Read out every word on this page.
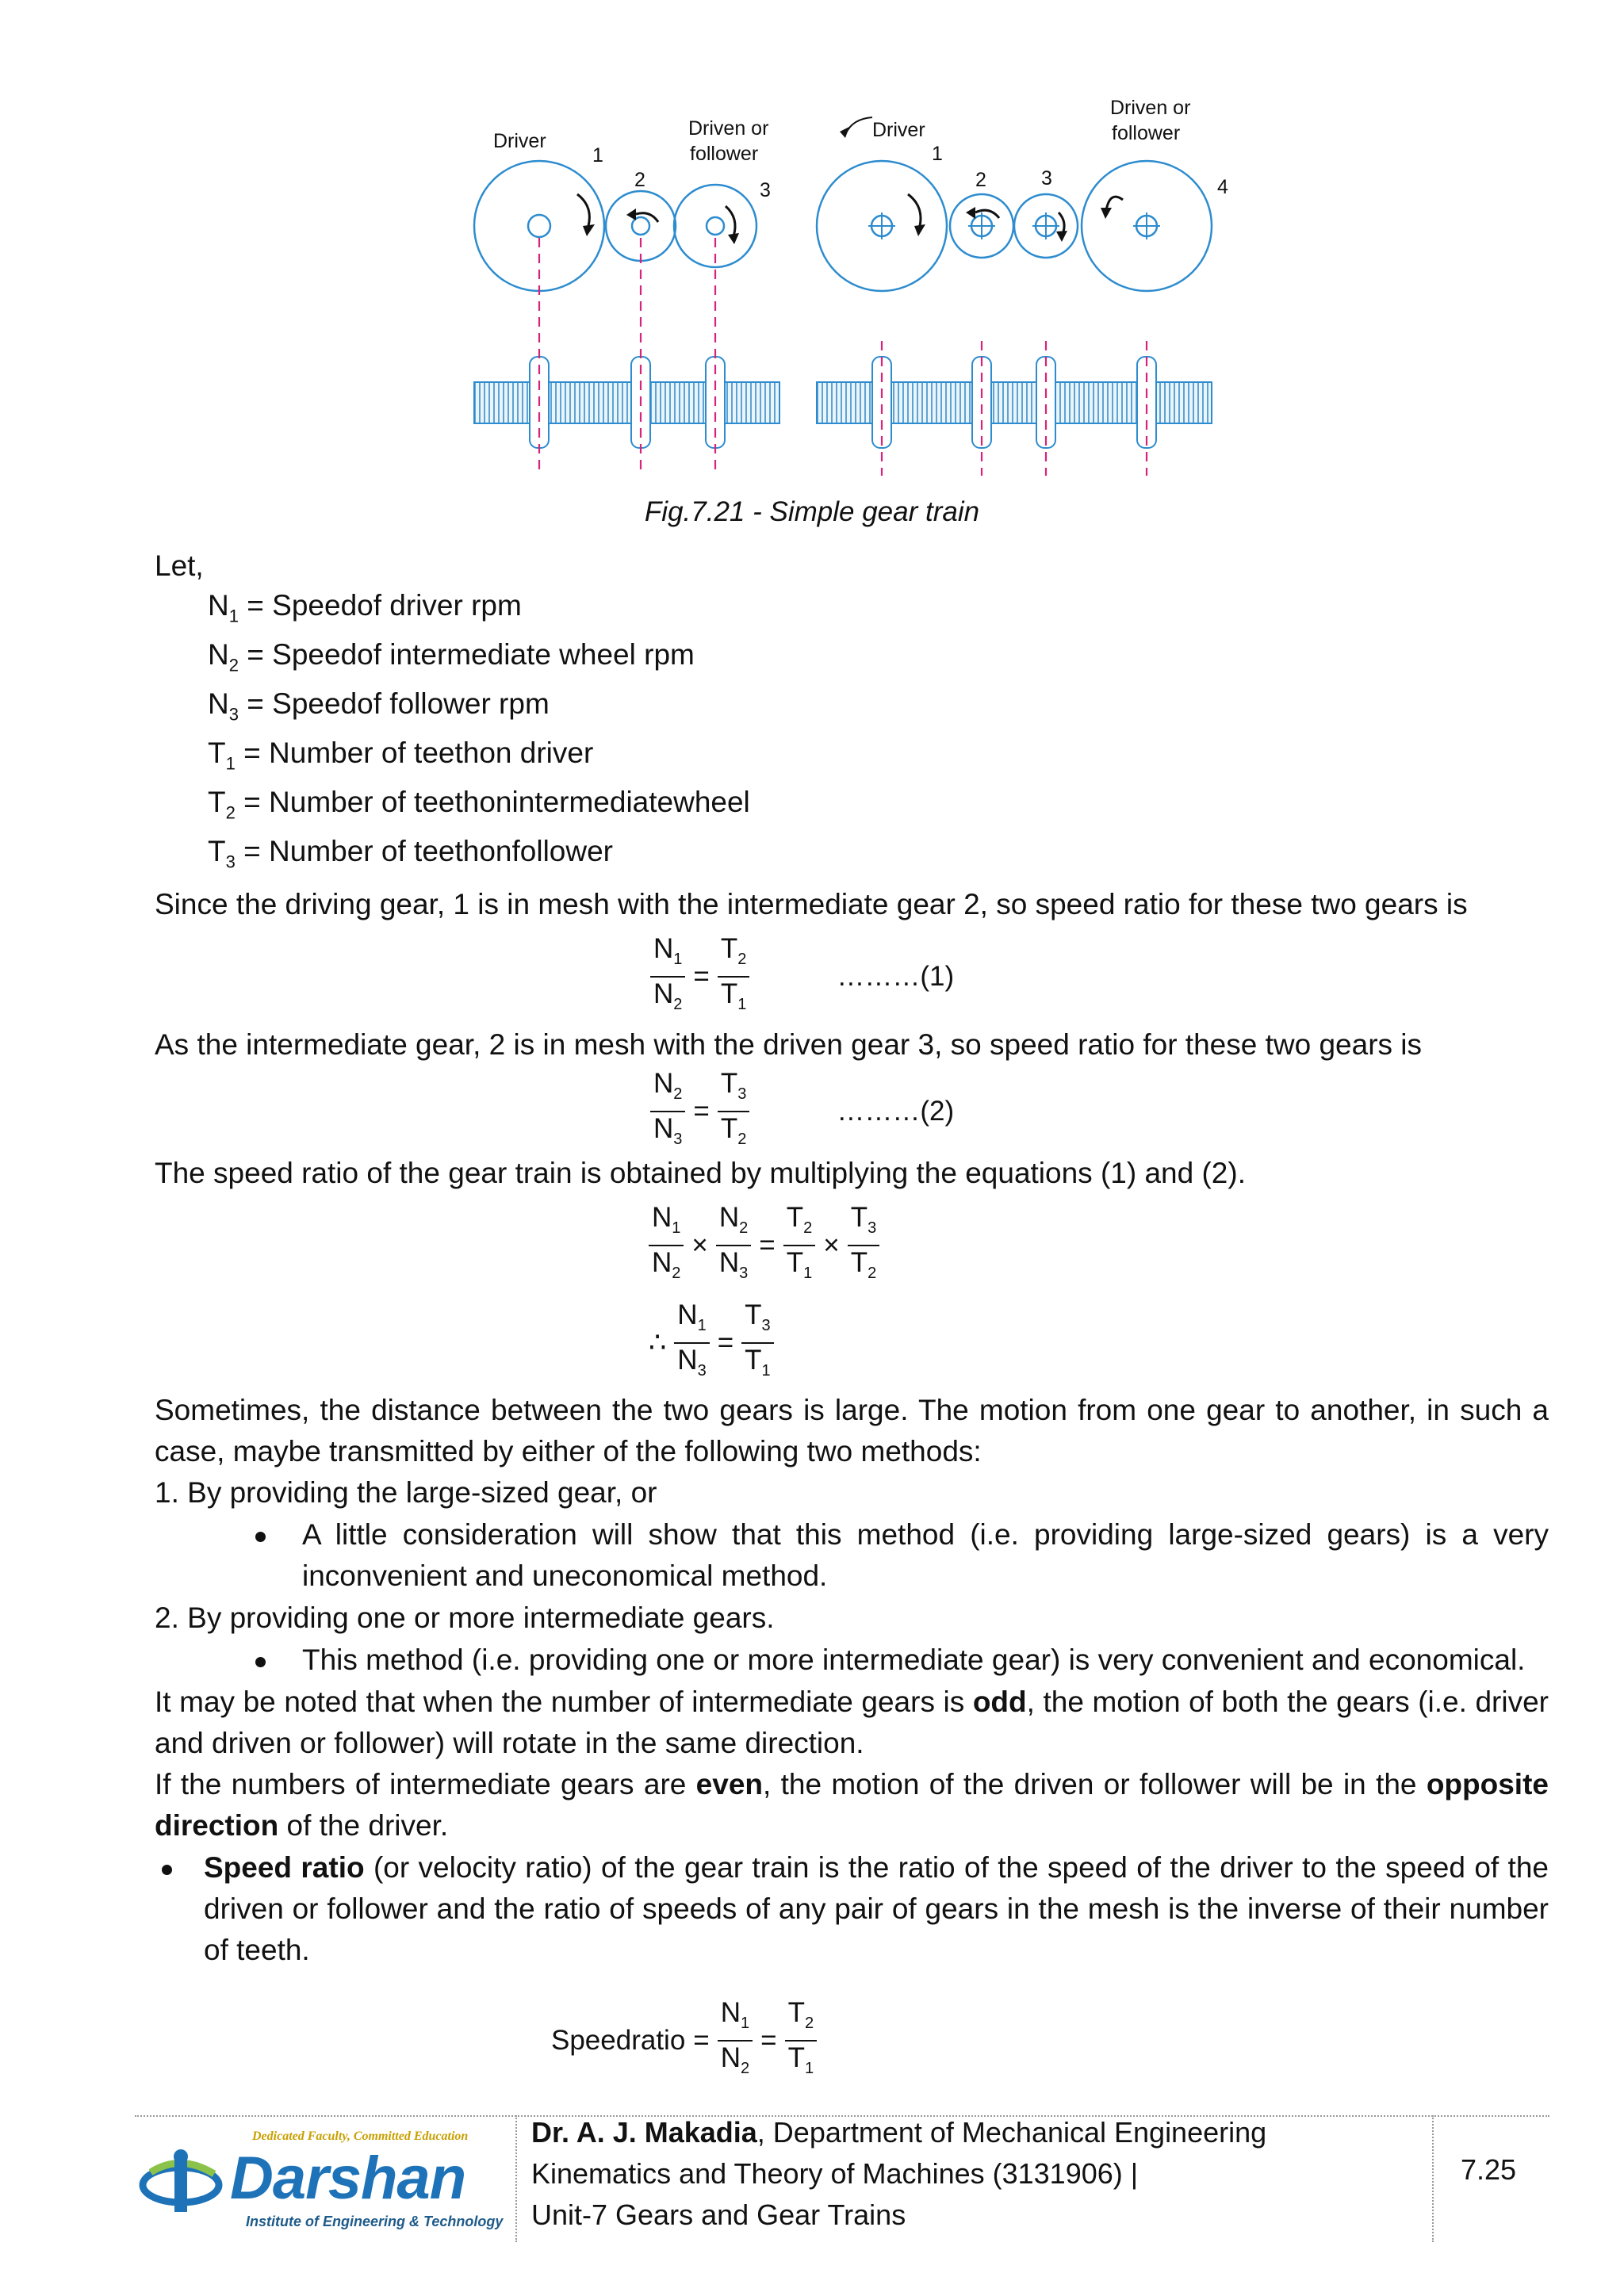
Driver
1
2	3
Driven or
follower
Driver
1
2	3	4
Driven or
follower
Fig.7.21 - Simple gear train
Let,
$N_1$ = Speedof driver rpm
$N_2$ = Speedof intermediate wheel rpm
$N_3$ = Speedof follower rpm
$T_1$ = Number of teethon driver
$T_2$ = Number of teethonintermediatewheel
$T_3$ = Number of teethonfollower
Since the driving gear, 1 is in mesh with the intermediate gear 2, so speed ratio for these two gears is
$\frac{N_1}{N_2} = \frac{T_2}{T_1}$	………(1)
As the intermediate gear, 2 is in mesh with the driven gear 3, so speed ratio for these two gears is
$\frac{N_2}{N_3} = \frac{T_3}{T_2}$	………(2)
The speed ratio of the gear train is obtained by multiplying the equations (1) and (2).
$\frac{N_1}{N_2} \times \frac{N_2}{N_3} = \frac{T_2}{T_1} \times \frac{T_3}{T_2}$
∴ $\frac{N_1}{N_3} = \frac{T_3}{T_1}$
Sometimes, the distance between the two gears is large. The motion from one gear to another, in such a case, maybe transmitted by either of the following two methods:
1. By providing the large-sized gear, or
A little consideration will show that this method (i.e. providing large-sized gears) is a very inconvenient and uneconomical method.
2. By providing one or more intermediate gears.
This method (i.e. providing one or more intermediate gear) is very convenient and economical.
It may be noted that when the number of intermediate gears is odd, the motion of both the gears (i.e. driver and driven or follower) will rotate in the same direction.
If the numbers of intermediate gears are even, the motion of the driven or follower will be in the opposite direction of the driver.
Speed ratio (or velocity ratio) of the gear train is the ratio of the speed of the driver to the speed of the driven or follower and the ratio of speeds of any pair of gears in the mesh is the inverse of their number of teeth.
Speedratio = $\frac{N_1}{N_2} = \frac{T_2}{T_1}$
Dedicated Faculty, Committed Education
Darshan
Institute of Engineering & Technology
Dr. A. J. Makadia, Department of Mechanical Engineering
Kinematics and Theory of Machines (3131906) |
Unit-7 Gears and Gear Trains
7.25
